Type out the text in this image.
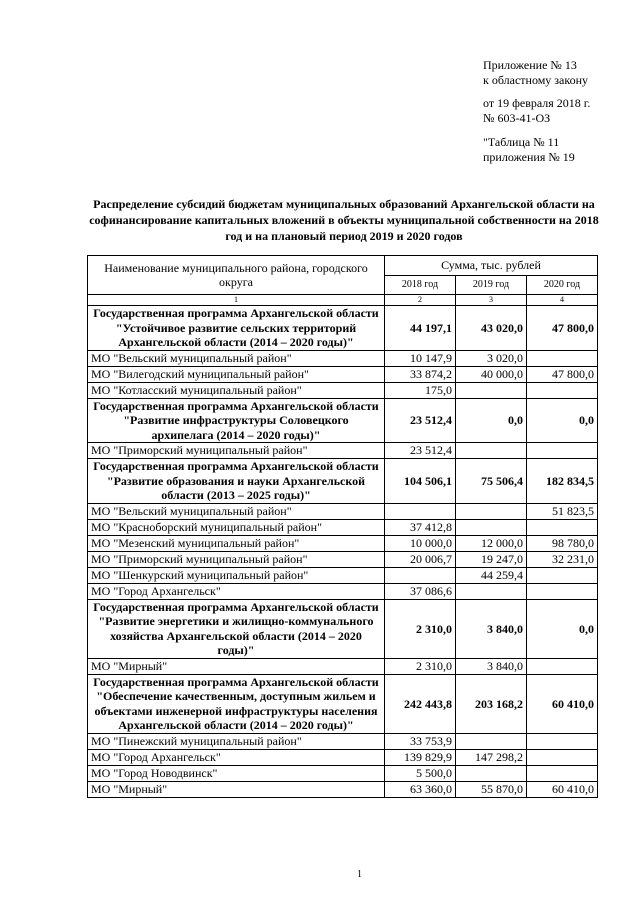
Приложение № 13
к областному закону
от 19 февраля 2018 г.
№ 603-41-ОЗ
"Таблица № 11
приложения № 19
Распределение субсидий бюджетам муниципальных образований Архангельской области на софинансирование капитальных вложений в объекты муниципальной собственности на 2018 год и на плановый период 2019 и 2020 годов
Наименование муниципального района, городского округа	Сумма, тыс. рублей		
	2018 год	2019 год	2020 год
1	2	3	4
Государственная программа Архангельской области "Устойчивое развитие сельских территорий Архангельской области (2014 – 2020 годы)"	44 197,1	43 020,0	47 800,0
МО "Вельский муниципальный район"	10 147,9	3 020,0	
МО "Вилегодский муниципальный район"	33 874,2	40 000,0	47 800,0
МО "Котласский муниципальный район"	175,0		
Государственная программа Архангельской области "Развитие инфраструктуры Соловецкого архипелага (2014 – 2020 годы)"	23 512,4	0,0	0,0
МО "Приморский муниципальный район"	23 512,4		
Государственная программа Архангельской области "Развитие образования и науки Архангельской области (2013 – 2025 годы)"	104 506,1	75 506,4	182 834,5
МО "Вельский муниципальный район"			51 823,5
МО "Красноборский муниципальный район"	37 412,8		
МО "Мезенский муниципальный район"	10 000,0	12 000,0	98 780,0
МО "Приморский муниципальный район"	20 006,7	19 247,0	32 231,0
МО "Шенкурский муниципальный район"		44 259,4	
МО "Город Архангельск"	37 086,6		
Государственная программа Архангельской области "Развитие энергетики и жилищно-коммунального хозяйства Архангельской области (2014 – 2020 годы)"	2 310,0	3 840,0	0,0
МО "Мирный"	2 310,0	3 840,0	
Государственная программа Архангельской области "Обеспечение качественным, доступным жильем и объектами инженерной инфраструктуры населения Архангельской области (2014 – 2020 годы)"	242 443,8	203 168,2	60 410,0
МО "Пинежский муниципальный район"	33 753,9		
МО "Город Архангельск"	139 829,9	147 298,2	
МО "Город Новодвинск"	5 500,0		
МО "Мирный"	63 360,0	55 870,0	60 410,0
1
